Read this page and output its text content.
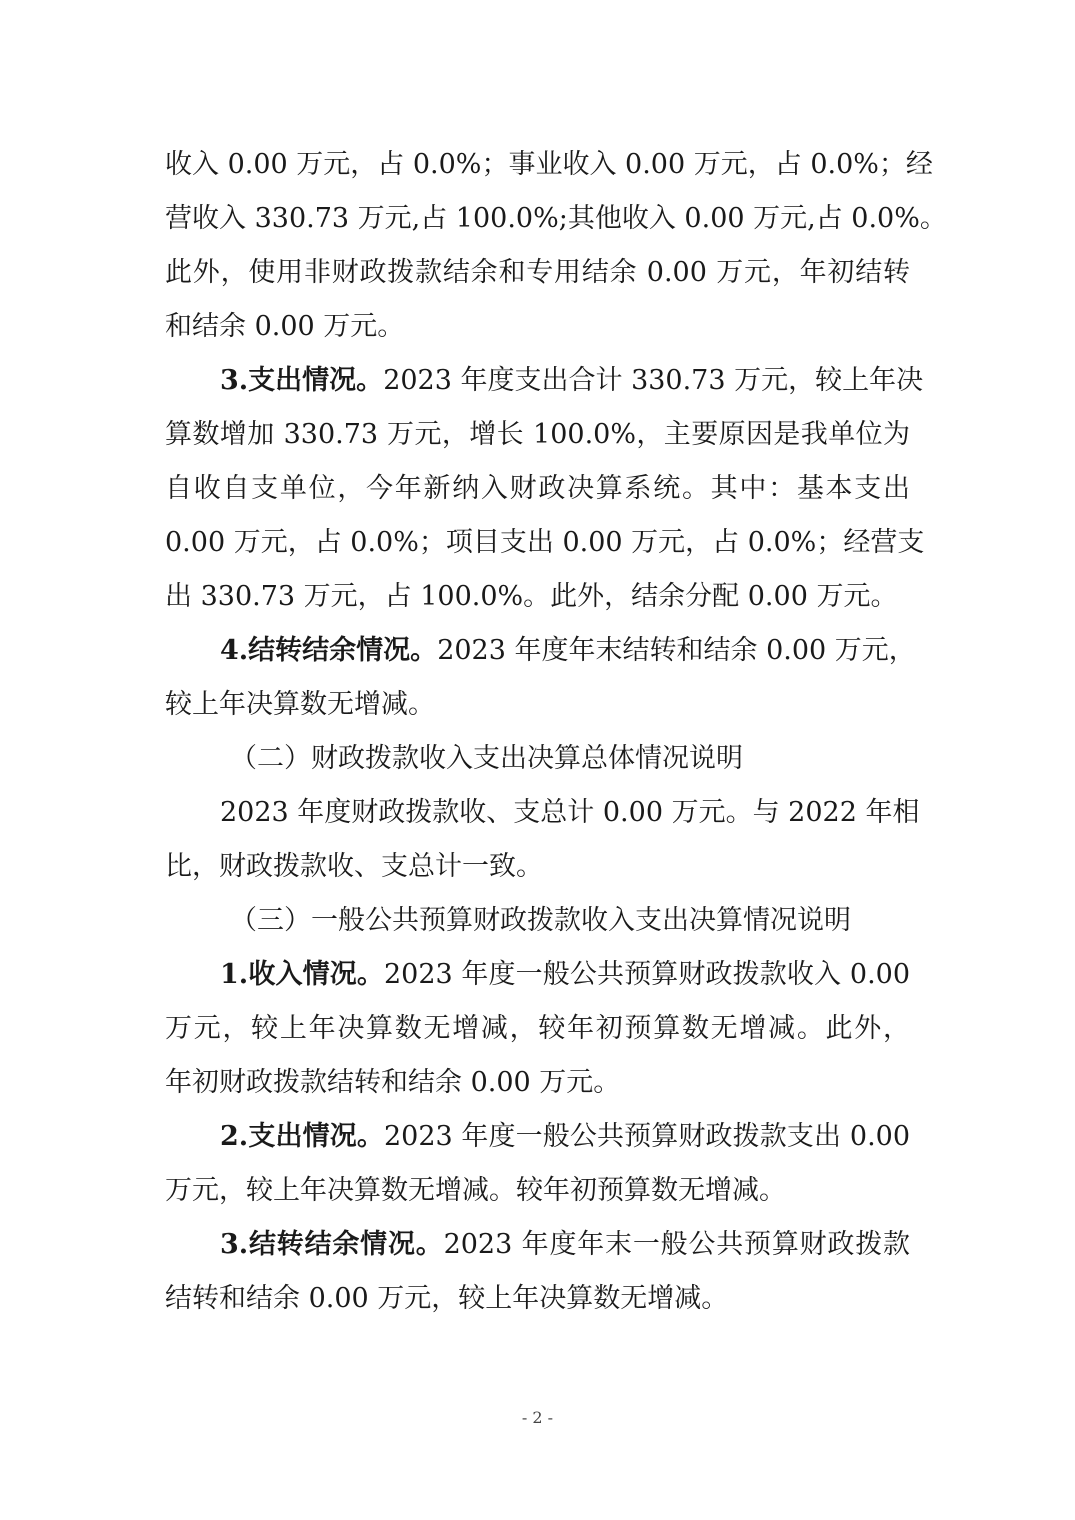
收入 0.00 万元，占 0.0%；事业收入 0.00 万元，占 0.0%；经
营收入 330.73 万元,占 100.0%;其他收入 0.00 万元,占 0.0%。
此外，使用非财政拨款结余和专用结余 0.00 万元，年初结转
和结余 0.00 万元。
3.支出情况。2023 年度支出合计 330.73 万元，较上年决
算数增加 330.73 万元，增长 100.0%，主要原因是我单位为
自收自支单位，今年新纳入财政决算系统。其中：基本支出
0.00 万元，占 0.0%；项目支出 0.00 万元，占 0.0%；经营支
出 330.73 万元，占 100.0%。此外，结余分配 0.00 万元。
4.结转结余情况。2023 年度年末结转和结余 0.00 万元，
较上年决算数无增减。
（二）财政拨款收入支出决算总体情况说明
2023 年度财政拨款收、支总计 0.00 万元。与 2022 年相
比，财政拨款收、支总计一致。
（三）一般公共预算财政拨款收入支出决算情况说明
1.收入情况。2023 年度一般公共预算财政拨款收入 0.00
万元，较上年决算数无增减，较年初预算数无增减。此外，
年初财政拨款结转和结余 0.00 万元。
2.支出情况。2023 年度一般公共预算财政拨款支出 0.00
万元，较上年决算数无增减。较年初预算数无增减。
3.结转结余情况。2023 年度年末一般公共预算财政拨款
结转和结余 0.00 万元，较上年决算数无增减。
- 2 -
